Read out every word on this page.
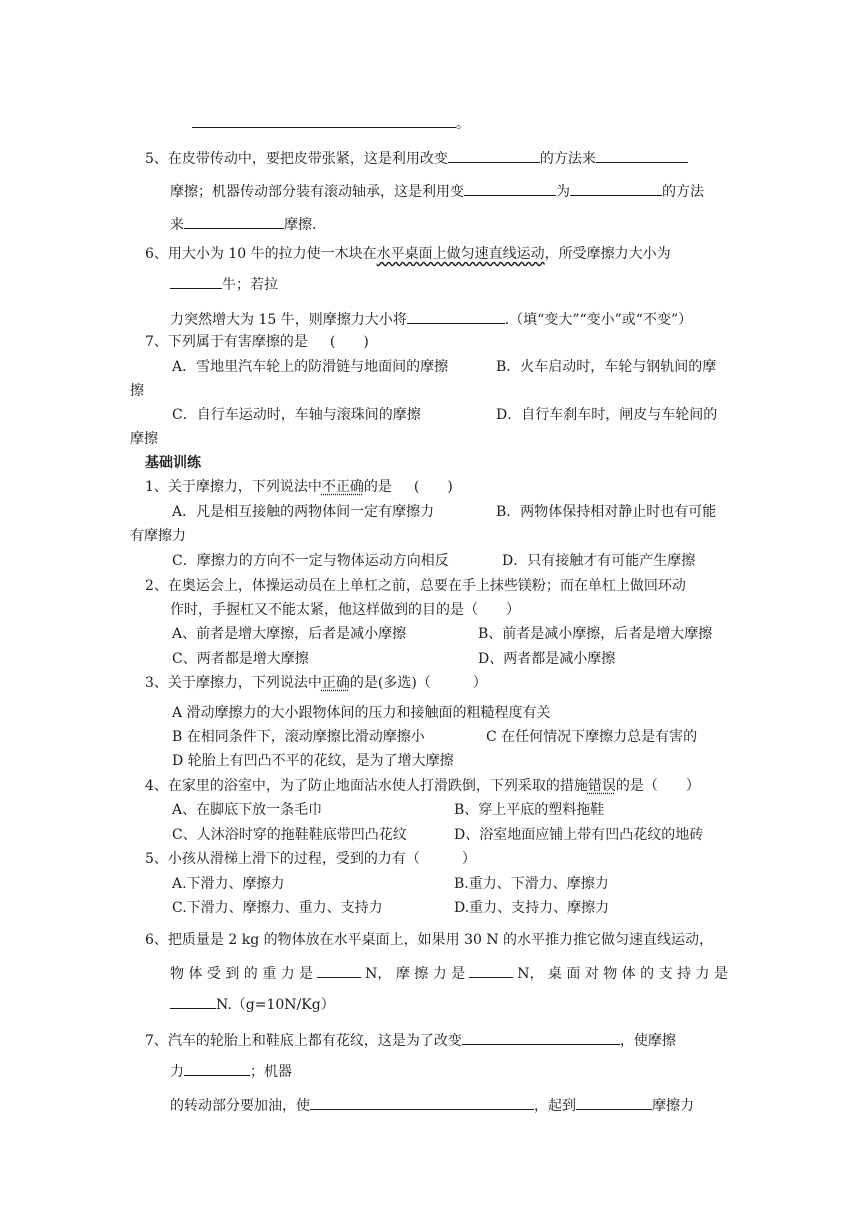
。
5、在皮带传动中，要把皮带张紧，这是利用改变	的方法来
摩擦；机器传动部分装有滚动轴承，这是利用变	为	的方法
来	摩擦.
6、用大小为 10 牛的拉力使一木块在水平桌面上做匀速直线运动，所受摩擦力大小为
牛；若拉
力突然增大为 15 牛，则摩擦力大小将	.（填“变大”“变小”或“不变”）
7、下列属于有害摩擦的是 (　　)
A．雪地里汽车轮上的防滑链与地面间的摩擦	B．火车启动时，车轮与钢轨间的摩
擦
C．自行车运动时，车轴与滚珠间的摩擦	D．自行车刹车时，闸皮与车轮间的
摩擦
基础训练
1、关于摩擦力，下列说法中不正确的是 (　　)
A．凡是相互接触的两物体间一定有摩擦力	B．两物体保持相对静止时也有可能
有摩擦力
C．摩擦力的方向不一定与物体运动方向相反	D．只有接触才有可能产生摩擦
2、在奥运会上，体操运动员在上单杠之前，总要在手上抹些镁粉；而在单杠上做回环动
作时，手握杠又不能太紧，他这样做到的目的是（　　）
A、前者是增大摩擦，后者是减小摩擦	B、前者是减小摩擦，后者是增大摩擦
C、两者都是增大摩擦	D、两者都是减小摩擦
3、关于摩擦力，下列说法中正确的是(多选)（　　　）
A 滑动摩擦力的大小跟物体间的压力和接触面的粗糙程度有关
B 在相同条件下，滚动摩擦比滑动摩擦小	C 在任何情况下摩擦力总是有害的
D 轮胎上有凹凸不平的花纹，是为了增大摩擦
4、在家里的浴室中，为了防止地面沾水使人打滑跌倒，下列采取的措施错误的是（　　）
A、在脚底下放一条毛巾	B、穿上平底的塑料拖鞋
C、人沐浴时穿的拖鞋鞋底带凹凸花纹	D、浴室地面应铺上带有凹凸花纹的地砖
5、小孩从滑梯上滑下的过程，受到的力有（　　　）
A.下滑力、摩擦力	B.重力、下滑力、摩擦力
C.下滑力、摩擦力、重力、支持力	D.重力、支持力、摩擦力
6、把质量是 2 kg 的物体放在水平桌面上，如果用 30 N 的水平推力推它做匀速直线运动，
物 体 受 到 的 重 力 是	N， 摩 擦 力 是	N， 桌 面 对 物 体 的 支 持 力 是
N.（g=10N/Kg）
7、汽车的轮胎上和鞋底上都有花纹，这是为了改变	，使摩擦
力	；机器
的转动部分要加油，使	，起到	摩擦力
